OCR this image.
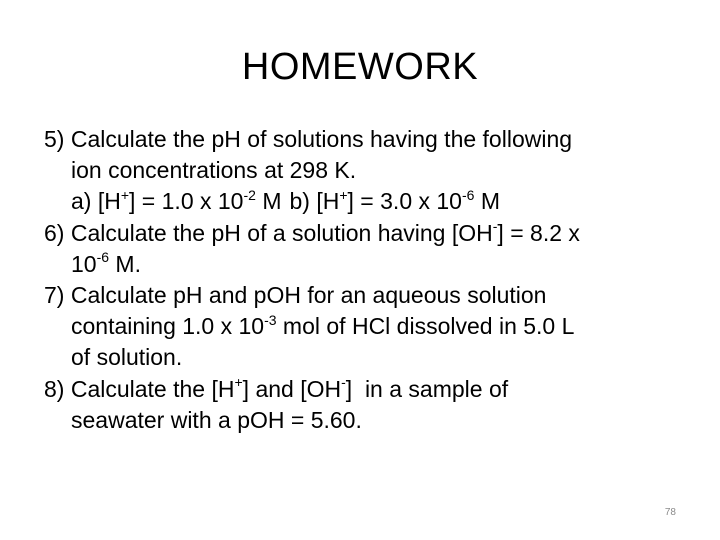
HOMEWORK
5) Calculate the pH of solutions having the following
ion concentrations at 298 K.
a) [H+] = 1.0 x $10^{-2}$ M b) [H+] = 3.0 x $10^{-6}$ M
6) Calculate the pH of a solution having [OH-] = 8.2 x
$10^{-6}$ M.
7) Calculate pH and pOH for an aqueous solution
containing 1.0 x $10^{-3}$ mol of HCl dissolved in 5.0 L
of solution.
8) Calculate the [H+] and [OH-]  in a sample of
seawater with a pOH = 5.60.
78
